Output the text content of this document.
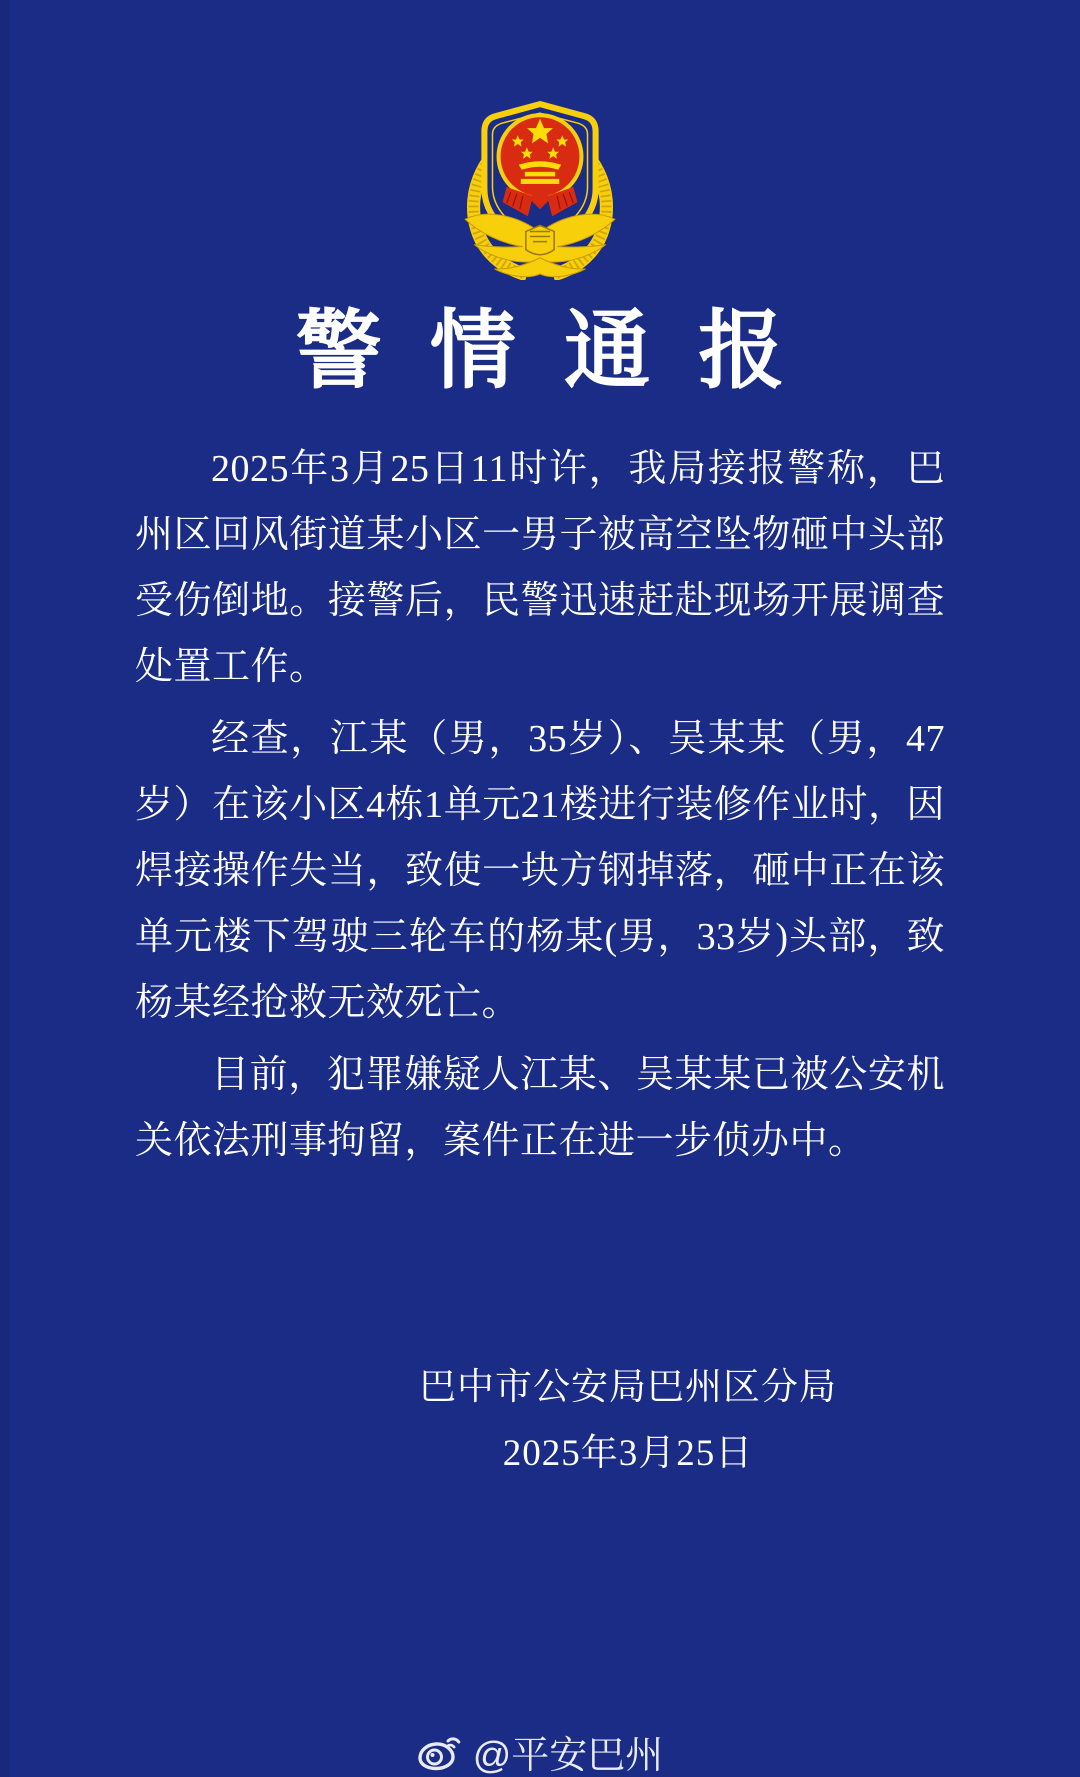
警情通报

2025年3月25日11时许，我局接报警称，巴州区回风街道某小区一男子被高空坠物砸中头部受伤倒地。接警后，民警迅速赶赴现场开展调查处置工作。

经查，江某（男，35岁）、吴某某（男，47岁）在该小区4栋1单元21楼进行装修作业时，因焊接操作失当，致使一块方钢掉落，砸中正在该单元楼下驾驶三轮车的杨某(男，33岁)头部，致杨某经抢救无效死亡。

目前，犯罪嫌疑人江某、吴某某已被公安机关依法刑事拘留，案件正在进一步侦办中。

巴中市公安局巴州区分局
2025年3月25日
@平安巴州
